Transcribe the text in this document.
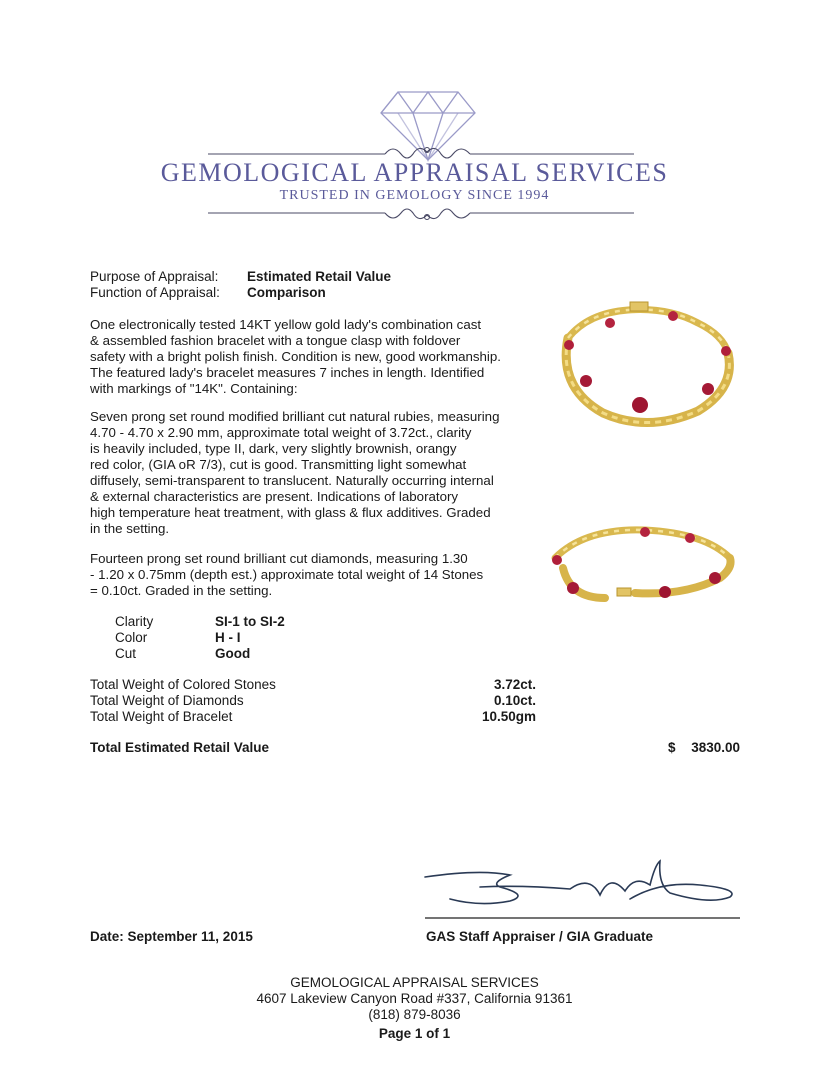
GEMOLOGICAL APPRAISAL SERVICES
TRUSTED IN GEMOLOGY SINCE 1994
Purpose of Appraisal: Estimated Retail Value
Function of Appraisal: Comparison

One electronically tested 14KT yellow gold lady's combination cast
& assembled fashion bracelet with a tongue clasp with foldover
safety with a bright polish finish. Condition is new, good workmanship.
The featured lady's bracelet measures 7 inches in length. Identified
with markings of "14K". Containing:

Seven prong set round modified brilliant cut natural rubies, measuring
4.70 - 4.70 x 2.90 mm, approximate total weight of 3.72ct., clarity
is heavily included, type II, dark, very slightly brownish, orangy
red color, (GIA oR 7/3), cut is good. Transmitting light somewhat
diffusely, semi-transparent to translucent. Naturally occurring internal
& external characteristics are present. Indications of laboratory
high temperature heat treatment, with glass & flux additives. Graded
in the setting.

Fourteen prong set round brilliant cut diamonds, measuring 1.30
- 1.20 x 0.75mm (depth est.) approximate total weight of 14 Stones
= 0.10ct. Graded in the setting.

Clarity	SI-1 to SI-2
Color	H - I
Cut	Good
Total Weight of Colored Stones	3.72ct.
Total Weight of Diamonds	0.10ct.
Total Weight of Bracelet	10.50gm
Total Estimated Retail Value	$	3830.00
Date: September 11, 2015	GAS Staff Appraiser / GIA Graduate
GEMOLOGICAL APPRAISAL SERVICES
4607 Lakeview Canyon Road #337, California 91361
(818) 879-8036
Page 1 of 1
